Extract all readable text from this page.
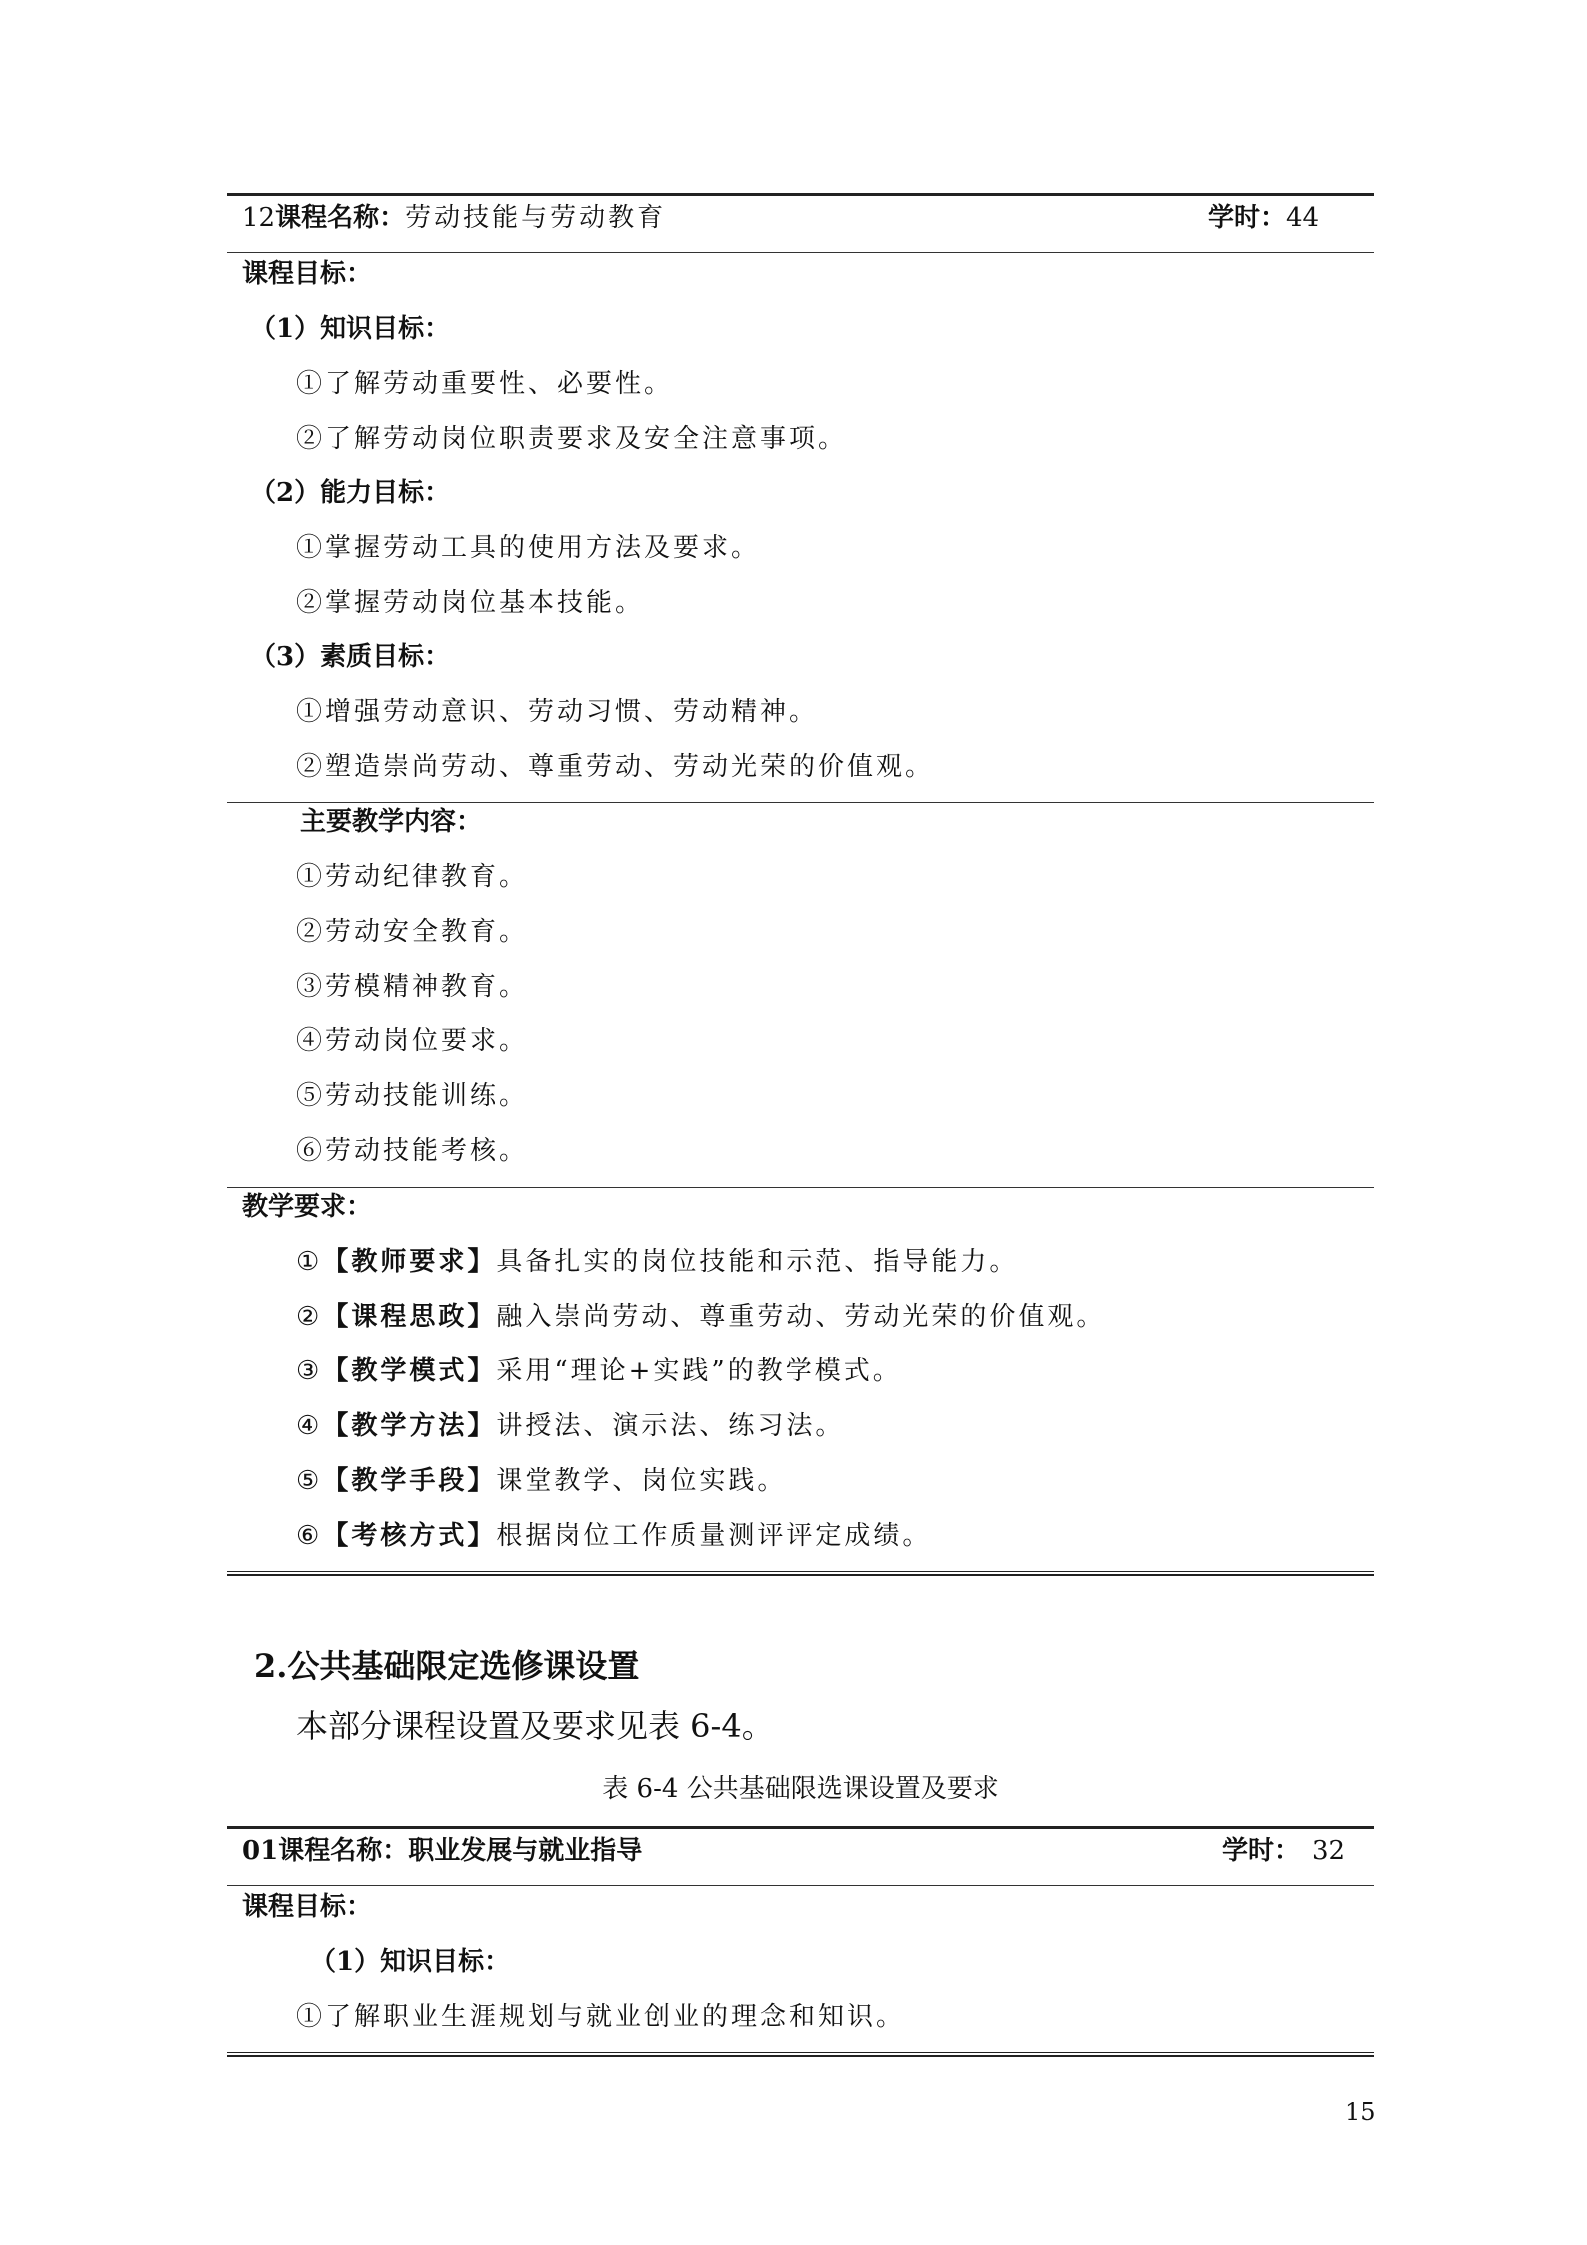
12课程名称：劳动技能与劳动教育	学时：44
课程目标：
（1）知识目标：
①了解劳动重要性、必要性。
②了解劳动岗位职责要求及安全注意事项。
（2）能力目标：
①掌握劳动工具的使用方法及要求。
②掌握劳动岗位基本技能。
（3）素质目标：
①增强劳动意识、劳动习惯、劳动精神。
②塑造崇尚劳动、尊重劳动、劳动光荣的价值观。
主要教学内容：
①劳动纪律教育。
②劳动安全教育。
③劳模精神教育。
④劳动岗位要求。
⑤劳动技能训练。
⑥劳动技能考核。
教学要求：
①【教师要求】具备扎实的岗位技能和示范、指导能力。
②【课程思政】融入崇尚劳动、尊重劳动、劳动光荣的价值观。
③【教学模式】采用“理论+实践”的教学模式。
④【教学方法】讲授法、演示法、练习法。
⑤【教学手段】课堂教学、岗位实践。
⑥【考核方式】根据岗位工作质量测评评定成绩。
2.公共基础限定选修课设置
本部分课程设置及要求见表 6-4。
表 6-4 公共基础限选课设置及要求
01课程名称：职业发展与就业指导	学时： 32
课程目标：
（1）知识目标：
①了解职业生涯规划与就业创业的理念和知识。
15
